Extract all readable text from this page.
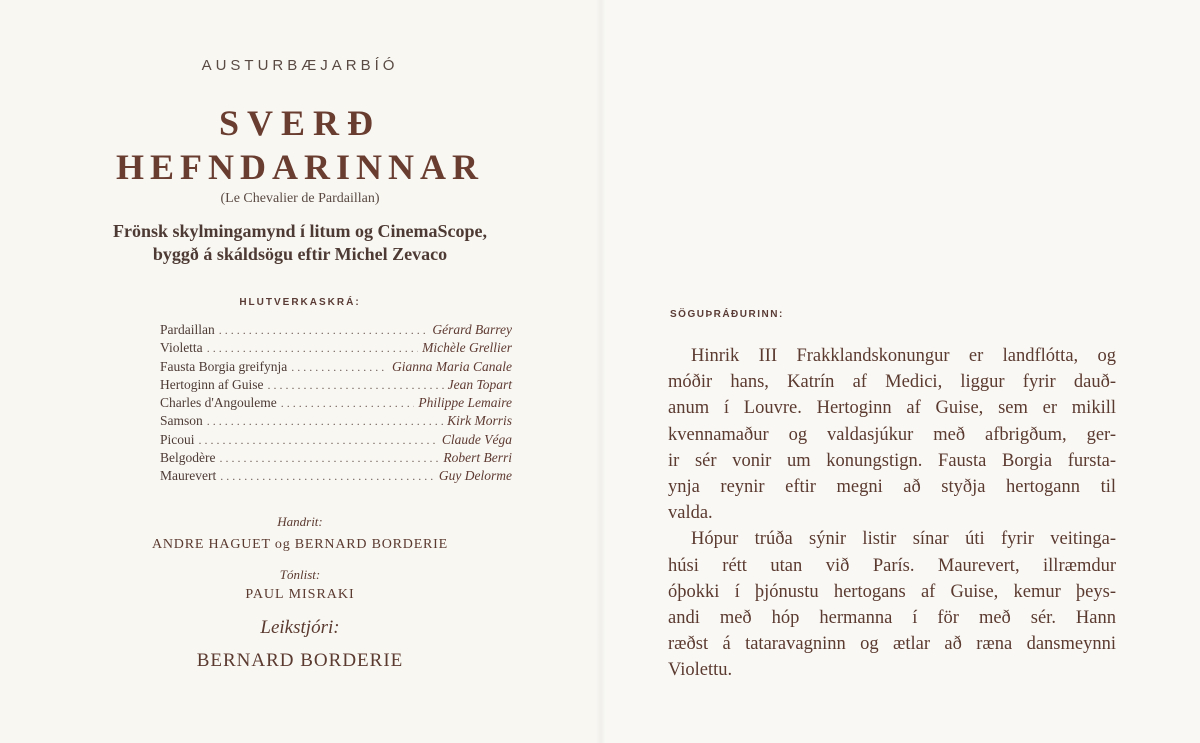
AUSTURBÆJARBÍÓ
SVERÐ
HEFNDARINNAR
(Le Chevalier de Pardaillan)
Frönsk skylmingamynd í litum og CinemaScope,
byggð á skáldsögu eftir Michel Zevaco
HLUTVERKASKRÁ:
Pardaillan .....	Gérard Barrey
Violetta .....	Michèle Grellier
Fausta Borgia greifynja .....	Gianna Maria Canale
Hertoginn af Guise .....	Jean Topart
Charles d'Angouleme .....	Philippe Lemaire
Samson .....	Kirk Morris
Picoui .....	Claude Véga
Belgodère .....	Robert Berri
Maurevert .....	Guy Delorme
Handrit:
ANDRE HAGUET og BERNARD BORDERIE
Tónlist:
PAUL MISRAKI
Leikstjóri:
BERNARD BORDERIE
SÖGUÞRÁÐURINN:
Hinrik III Frakklandskonungur er landflótta, og
móðir hans, Katrín af Medici, liggur fyrir dauð-
anum í Louvre. Hertoginn af Guise, sem er mikill
kvennamaður og valdasjúkur með afbrigðum, ger-
ir sér vonir um konungstign. Fausta Borgia fursta-
ynja reynir eftir megni að styðja hertogann til
valda.
Hópur trúða sýnir listir sínar úti fyrir veitinga-
húsi rétt utan við París. Maurevert, illræmdur
óþokki í þjónustu hertogans af Guise, kemur þeys-
andi með hóp hermanna í för með sér. Hann
ræðst á tataravagninn og ætlar að ræna dansmeynni
Violettu.
